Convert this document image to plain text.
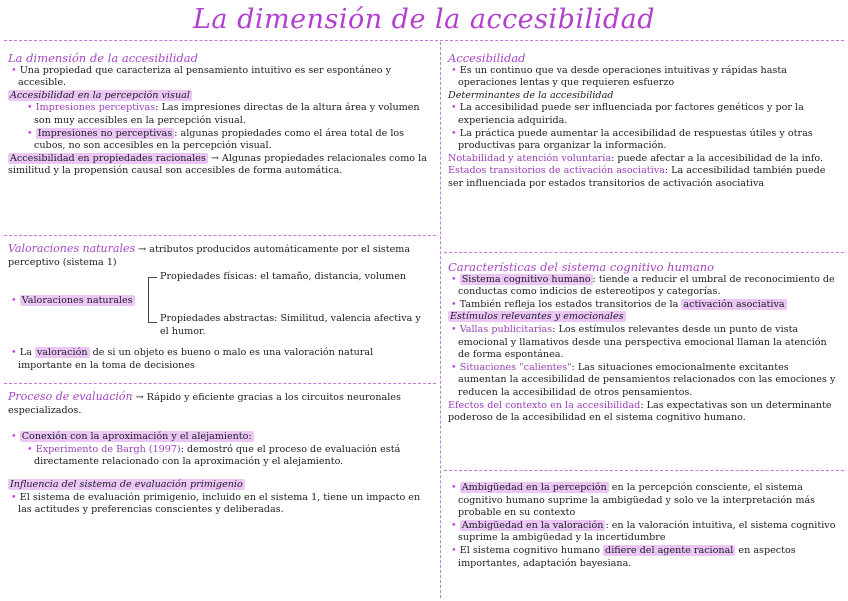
La dimensión de la accesibilidad

La dimensión de la accesibilidad

• Una propiedad que caracteriza al pensamiento intuitivo es ser espontáneo y accesible.

Accesibilidad en la percepción visual

• Impresiones perceptivas: Las impresiones directas de la altura área y volumen son muy accesibles en la percepción visual.

• Impresiones no perceptivas : algunas propiedades como el área total de los cubos, no son accesibles en la percepción visual.

Accesibilidad en propiedades racionales → Algunas propiedades relacionales como la similitud y la propensión causal son accesibles de forma automática.

Valoraciones naturales → atributos producidos automáticamente por el sistema perceptivo (sistema 1)

• Valoraciones naturales

Propiedades físicas: el tamaño, distancia, volumen

Propiedades abstractas: Similitud, valencia afectiva y el humor.

• La valoración de si un objeto es bueno o malo es una valoración natural importante en la toma de decisiones

Proceso de evaluación → Rápido y eficiente gracias a los circuitos neuronales especializados.

• Conexión con la aproximación y el alejamiento:

• Experimento de Bargh (1997): demostró que el proceso de evaluación está directamente relacionado con la aproximación y el alejamiento.

Influencia del sistema de evaluación primigenio

• El sistema de evaluación primigenio, incluido en el sistema 1, tiene un impacto en las actitudes y preferencias conscientes y deliberadas.

Accesibilidad

• Es un continuo que va desde operaciones intuitivas y rápidas hasta operaciones lentas y que requieren esfuerzo

Determinantes de la accesibilidad

• La accesibilidad puede ser influenciada por factores genéticos y por la experiencia adquirida.

• La práctica puede aumentar la accesibilidad de respuestas útiles y otras productivas para organizar la información.

Notabilidad y atención voluntaria: puede afectar a la accesibilidad de la info.

Estados transitorios de activación asociativa: La accesibilidad también puede ser influenciada por estados transitorios de activación asociativa

Características del sistema cognitivo humano

• Sistema cognitivo humano : tiende a reducir el umbral de reconocimiento de conductas como indicios de estereotipos y categorías.

• También refleja los estados transitorios de la activación asociativa

Estímulos relevantes y emocionales

• Vallas publicitarias: Los estímulos relevantes desde un punto de vista emocional y llamativos desde una perspectiva emocional llaman la atención de forma espontánea.

• Situaciones "calientes": Las situaciones emocionalmente excitantes aumentan la accesibilidad de pensamientos relacionados con las emociones y reducen la accesibilidad de otros pensamientos.

Efectos del contexto en la accesibilidad: Las expectativas son un determinante poderoso de la accesibilidad en el sistema cognitivo humano.

• Ambigüedad en la percepción en la percepción consciente, el sistema cognitivo humano suprime la ambigüedad y solo ve la interpretación más probable en su contexto

• Ambigüedad en la valoración : en la valoración intuitiva, el sistema cognitivo suprime la ambigüedad y la incertidumbre

• El sistema cognitivo humano difiere del agente racional en aspectos importantes, adaptación bayesiana.
